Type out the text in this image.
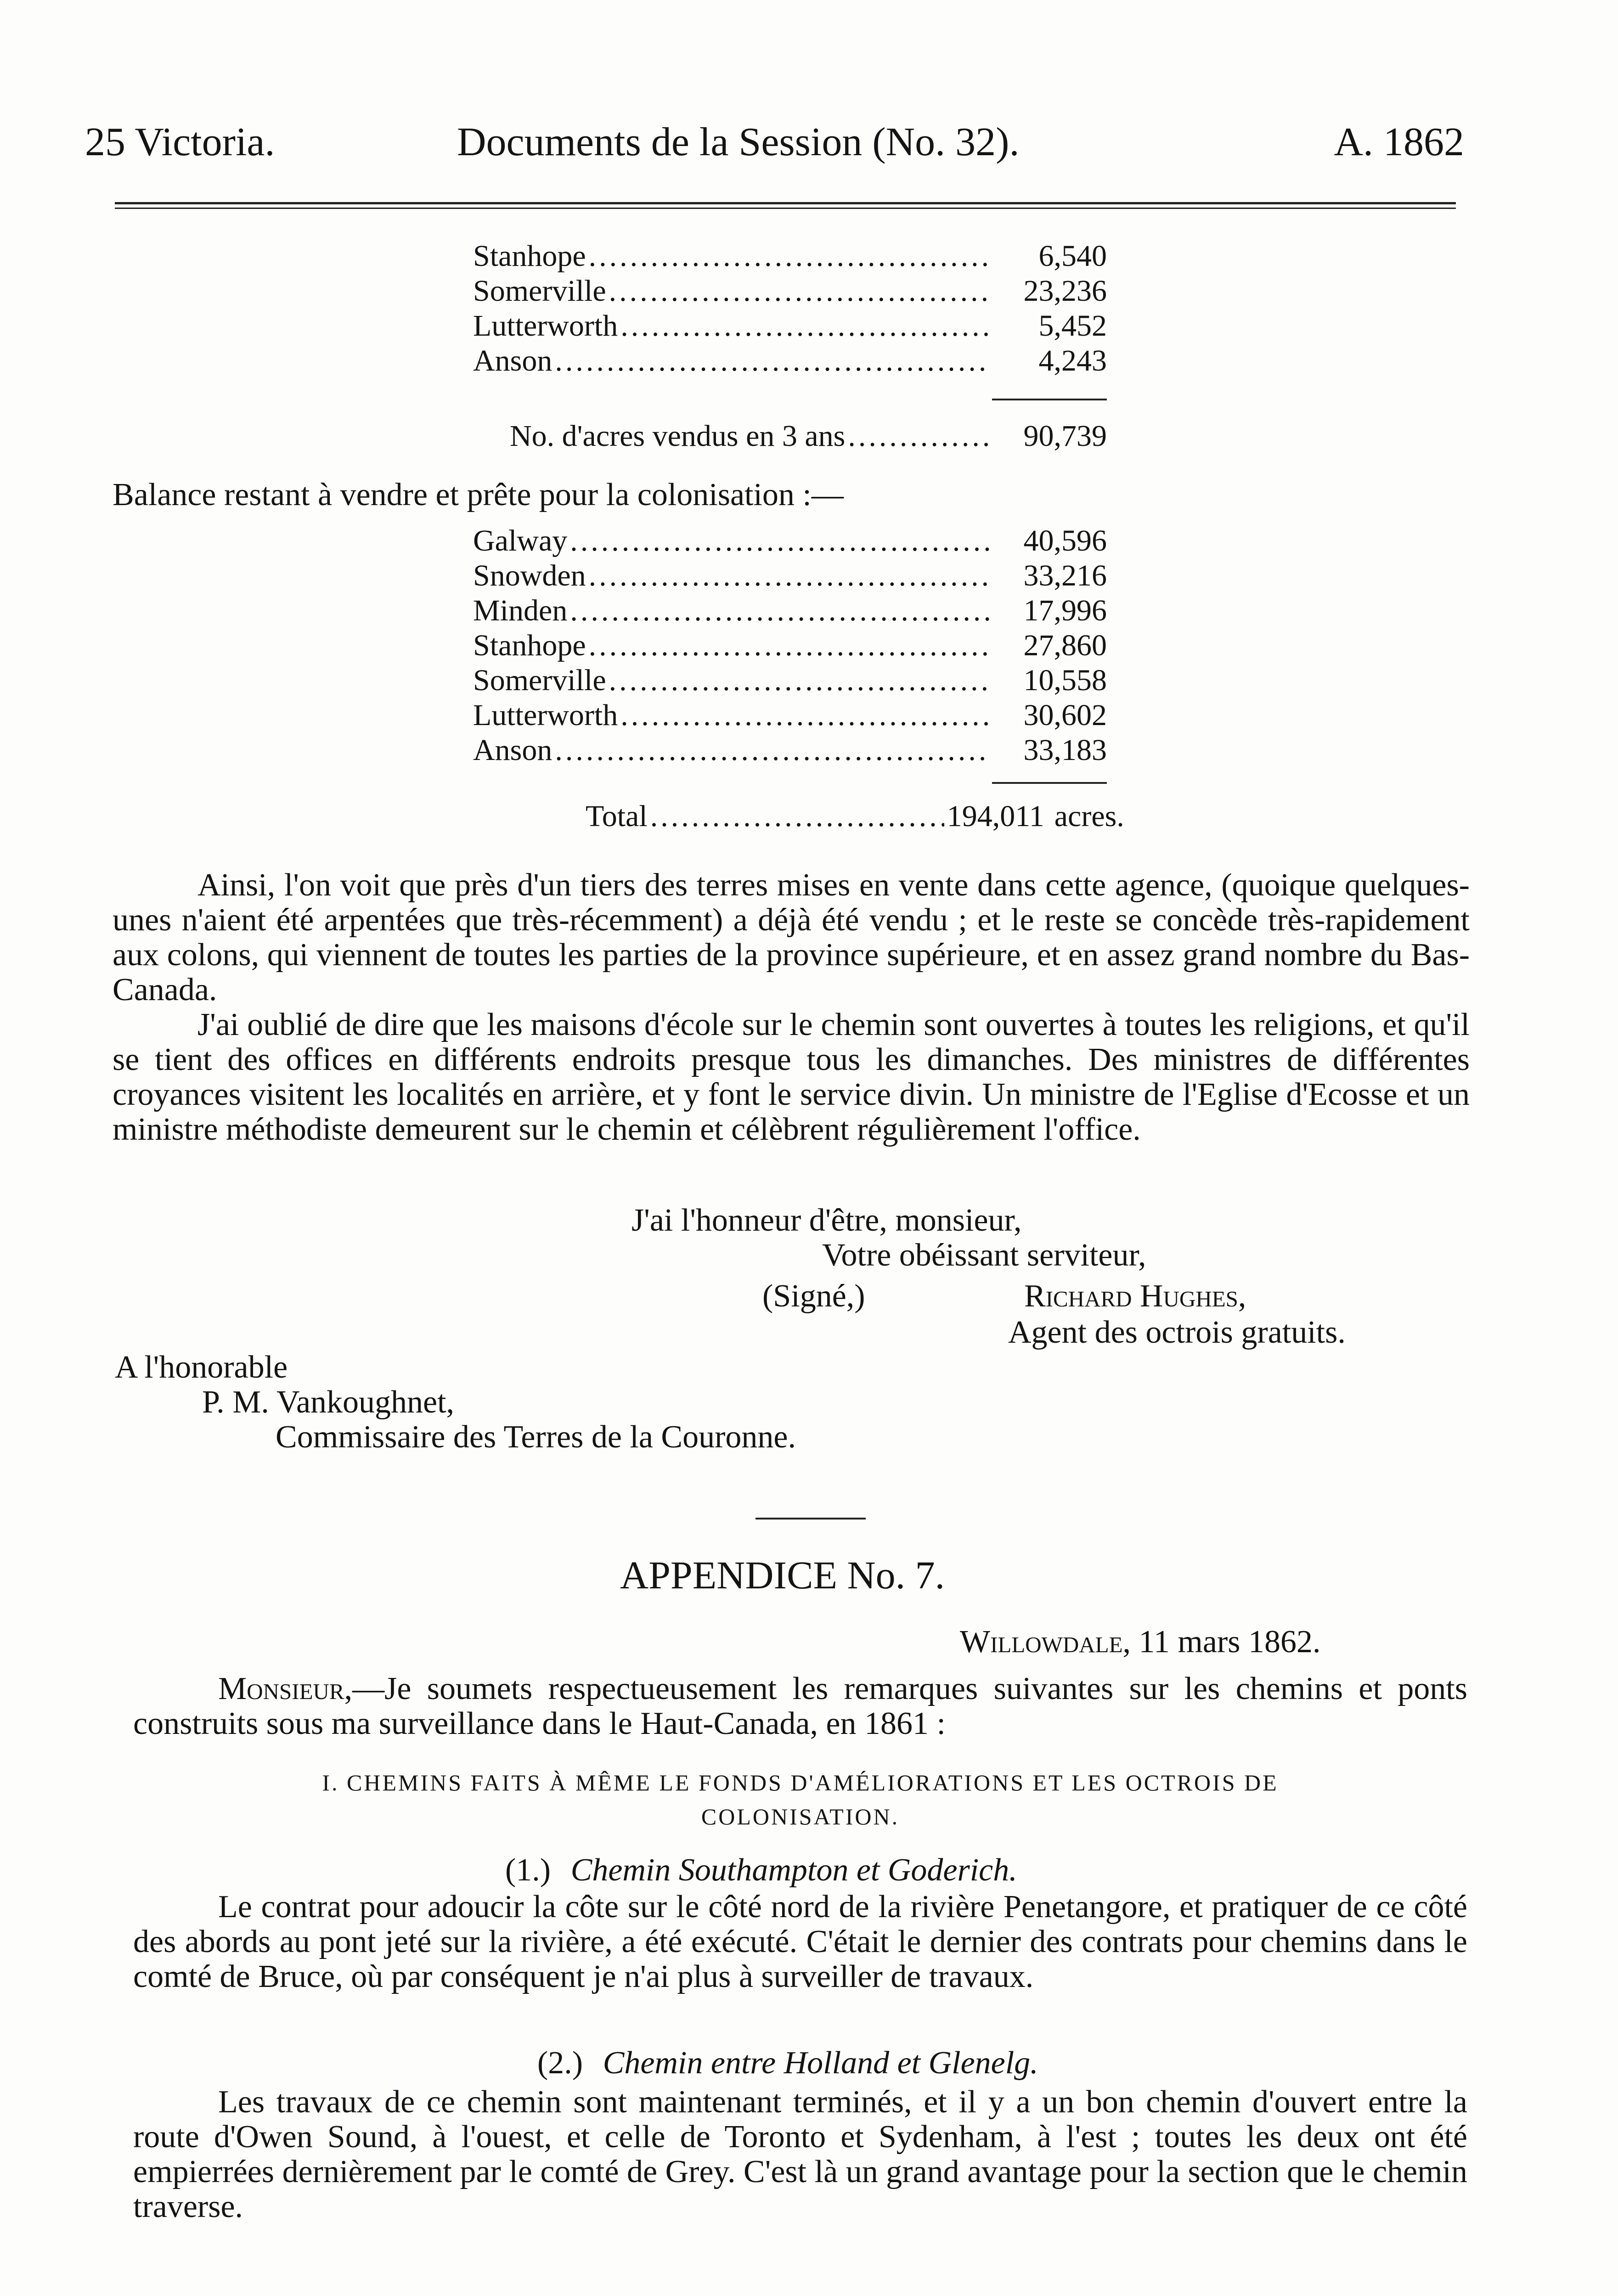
25 Victoria.	Documents de la Session (No. 32).	A. 1862
Stanhope .....	6,540
Somerville .....	23,236
Lutterworth .....	5,452
Anson .....	4,243
No. d'acres vendus en 3 ans .....	90,739
Balance restant à vendre et prête pour la colonisation :—
Galway .....	40,596
Snowden .....	33,216
Minden .....	17,996
Stanhope .....	27,860
Somerville .....	10,558
Lutterworth .....	30,602
Anson .....	33,183
Total .....	194,011 acres.

Ainsi, l'on voit que près d'un tiers des terres mises en vente dans cette agence, (quoique quelques-unes n'aient été arpentées que très-récemment) a déjà été vendu ; et le reste se concède très-rapidement aux colons, qui viennent de toutes les parties de la province supérieure, et en assez grand nombre du Bas-Canada.

J'ai oublié de dire que les maisons d'école sur le chemin sont ouvertes à toutes les religions, et qu'il se tient des offices en différents endroits presque tous les dimanches. Des ministres de différentes croyances visitent les localités en arrière, et y font le service divin. Un ministre de l'Eglise d'Ecosse et un ministre méthodiste demeurent sur le chemin et célèbrent régulièrement l'office.

J'ai l'honneur d'être, monsieur,
Votre obéissant serviteur,
(Signé,)	Richard Hughes,
Agent des octrois gratuits.
A l'honorable
P. M. Vankoughnet,
Commissaire des Terres de la Couronne.
APPENDICE No. 7.
Willowdale, 11 mars 1862.

Monsieur,—Je soumets respectueusement les remarques suivantes sur les chemins et ponts construits sous ma surveillance dans le Haut-Canada, en 1861 :

I. CHEMINS FAITS À MÊME LE FONDS D'AMÉLIORATIONS ET LES OCTROIS DE
COLONISATION.
(1.) Chemin Southampton et Goderich.

Le contrat pour adoucir la côte sur le côté nord de la rivière Penetangore, et pratiquer de ce côté des abords au pont jeté sur la rivière, a été exécuté. C'était le dernier des contrats pour chemins dans le comté de Bruce, où par conséquent je n'ai plus à surveiller de travaux.

(2.) Chemin entre Holland et Glenelg.

Les travaux de ce chemin sont maintenant terminés, et il y a un bon chemin d'ouvert entre la route d'Owen Sound, à l'ouest, et celle de Toronto et Sydenham, à l'est ; toutes les deux ont été empierrées dernièrement par le comté de Grey. C'est là un grand avantage pour la section que le chemin traverse.
